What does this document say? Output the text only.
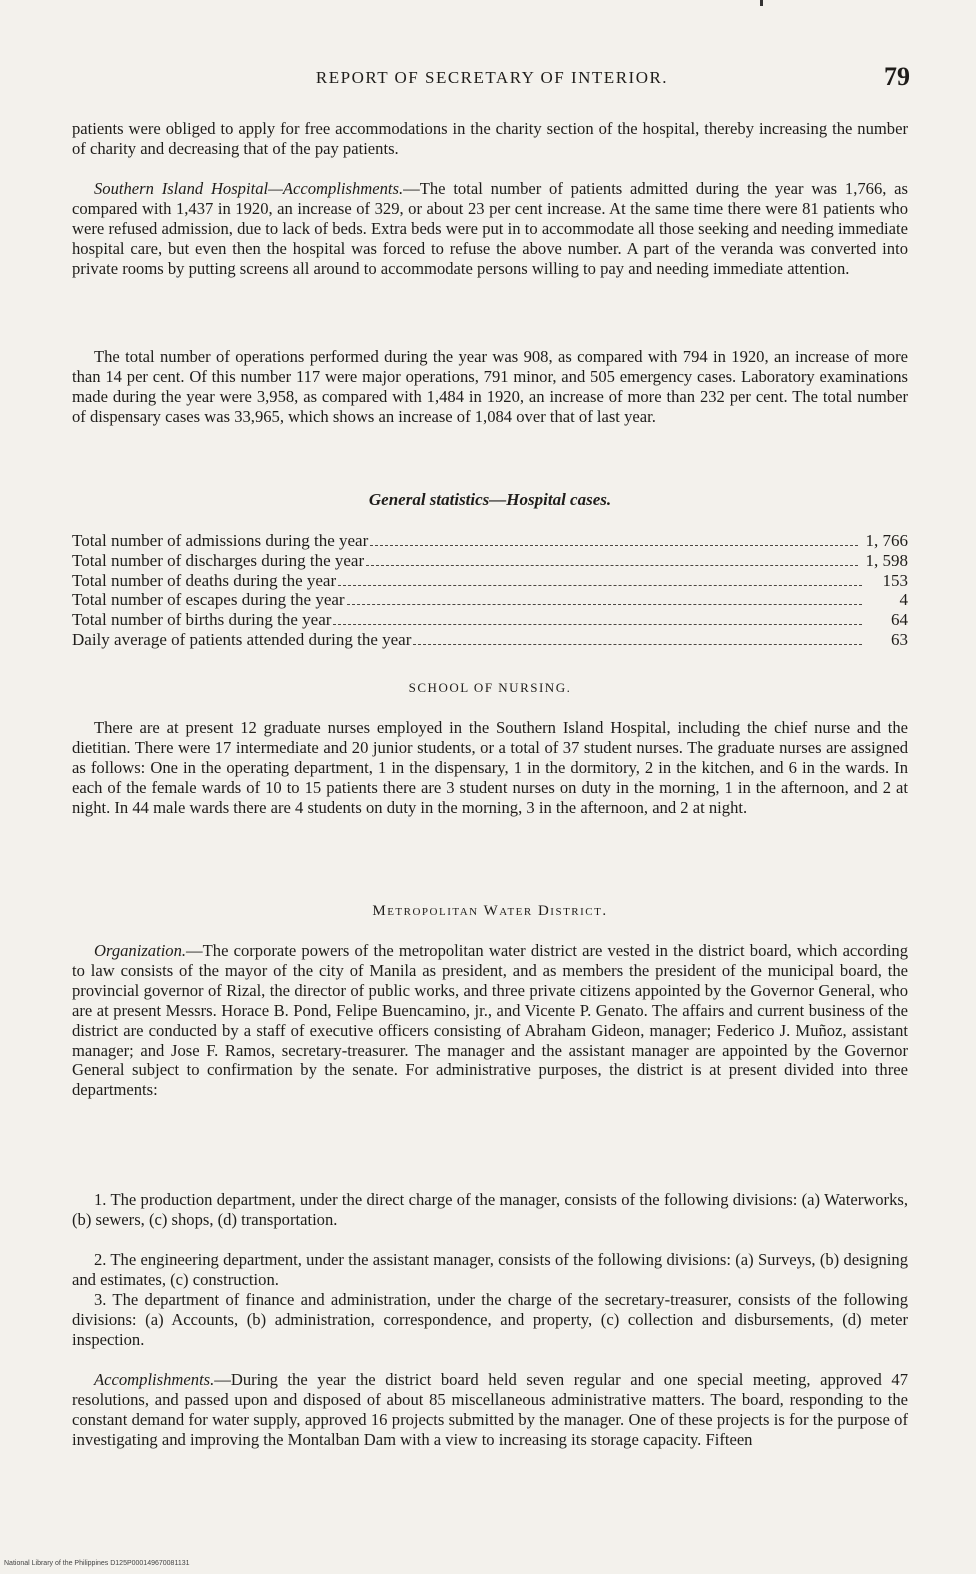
REPORT OF SECRETARY OF INTERIOR.	79

patients were obliged to apply for free accommodations in the charity section of the hospital, thereby increasing the number of charity and decreasing that of the pay patients.

Southern Island Hospital—Accomplishments.—The total number of patients admitted during the year was 1,766, as compared with 1,437 in 1920, an increase of 329, or about 23 per cent increase. At the same time there were 81 patients who were refused admission, due to lack of beds. Extra beds were put in to accommodate all those seeking and needing immediate hospital care, but even then the hospital was forced to refuse the above number. A part of the veranda was converted into private rooms by putting screens all around to accommodate persons willing to pay and needing immediate attention.

The total number of operations performed during the year was 908, as compared with 794 in 1920, an increase of more than 14 per cent. Of this number 117 were major operations, 791 minor, and 505 emergency cases. Laboratory examinations made during the year were 3,958, as compared with 1,484 in 1920, an increase of more than 232 per cent. The total number of dispensary cases was 33,965, which shows an increase of 1,084 over that of last year.

General statistics—Hospital cases.

Total number of admissions during the year	1, 766
Total number of discharges during the year	1, 598
Total number of deaths during the year	153
Total number of escapes during the year	4
Total number of births during the year	64
Daily average of patients attended during the year	63

SCHOOL OF NURSING.

There are at present 12 graduate nurses employed in the Southern Island Hospital, including the chief nurse and the dietitian. There were 17 intermediate and 20 junior students, or a total of 37 student nurses. The graduate nurses are assigned as follows: One in the operating department, 1 in the dispensary, 1 in the dormitory, 2 in the kitchen, and 6 in the wards. In each of the female wards of 10 to 15 patients there are 3 student nurses on duty in the morning, 1 in the afternoon, and 2 at night. In 44 male wards there are 4 students on duty in the morning, 3 in the afternoon, and 2 at night.

Metropolitan Water District.

Organization.—The corporate powers of the metropolitan water district are vested in the district board, which according to law consists of the mayor of the city of Manila as president, and as members the president of the municipal board, the provincial governor of Rizal, the director of public works, and three private citizens appointed by the Governor General, who are at present Messrs. Horace B. Pond, Felipe Buencamino, jr., and Vicente P. Genato. The affairs and current business of the district are conducted by a staff of executive officers consisting of Abraham Gideon, manager; Federico J. Muñoz, assistant manager; and Jose F. Ramos, secretary-treasurer. The manager and the assistant manager are appointed by the Governor General subject to confirmation by the senate. For administrative purposes, the district is at present divided into three departments:

1. The production department, under the direct charge of the manager, consists of the following divisions: (a) Waterworks, (b) sewers, (c) shops, (d) transportation.

2. The engineering department, under the assistant manager, consists of the following divisions: (a) Surveys, (b) designing and estimates, (c) construction.

3. The department of finance and administration, under the charge of the secretary-treasurer, consists of the following divisions: (a) Accounts, (b) administration, correspondence, and property, (c) collection and disbursements, (d) meter inspection.

Accomplishments.—During the year the district board held seven regular and one special meeting, approved 47 resolutions, and passed upon and disposed of about 85 miscellaneous administrative matters. The board, responding to the constant demand for water supply, approved 16 projects submitted by the manager. One of these projects is for the purpose of investigating and improving the Montalban Dam with a view to increasing its storage capacity. Fifteen

National Library of the Philippines D125P000149670081131
